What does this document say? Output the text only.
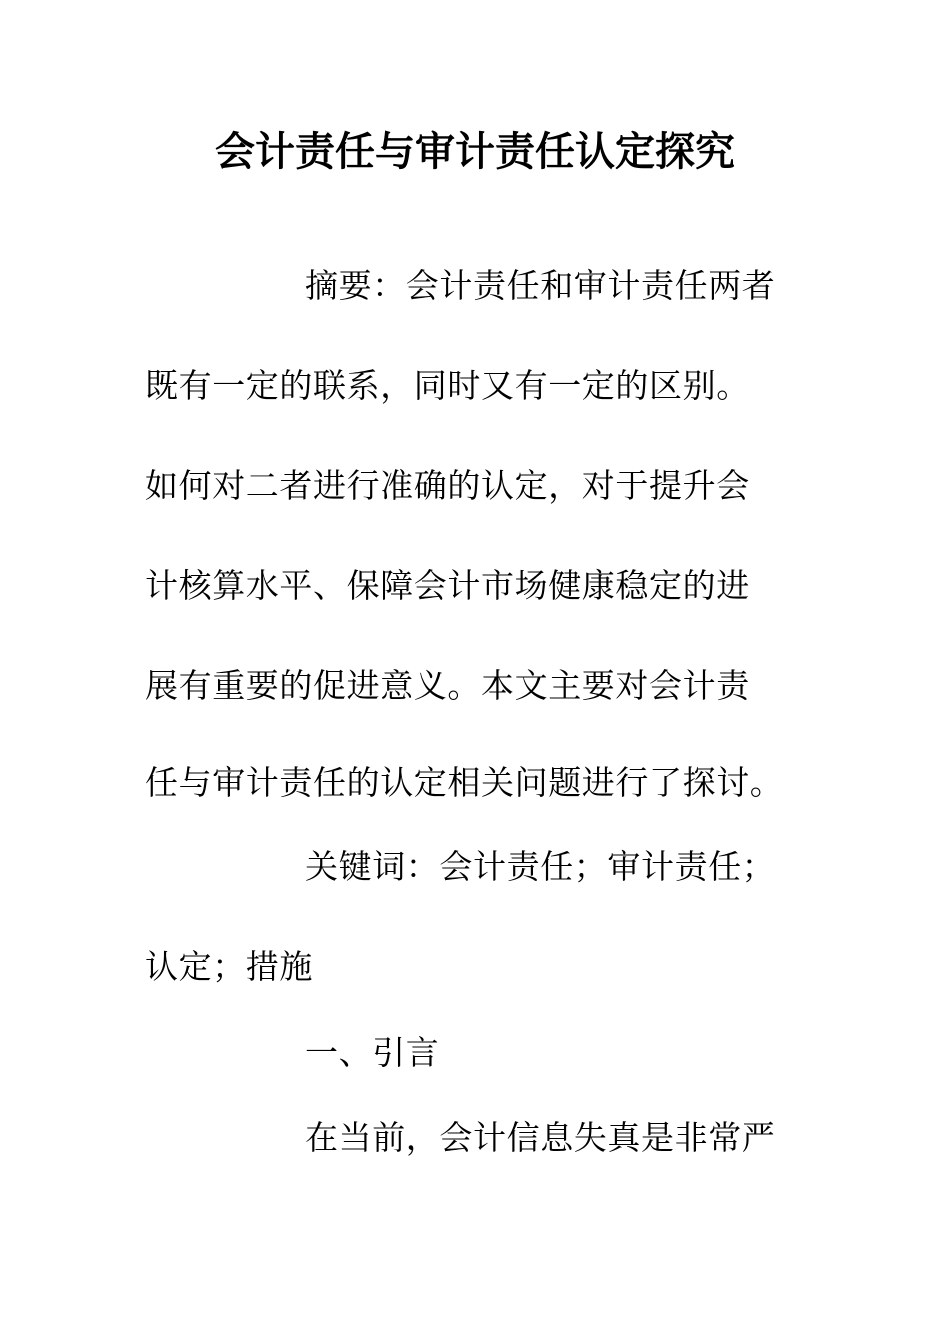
会计责任与审计责任认定探究
摘要：会计责任和审计责任两者
既有一定的联系，同时又有一定的区别。
如何对二者进行准确的认定，对于提升会
计核算水平、保障会计市场健康稳定的进
展有重要的促进意义。本文主要对会计责
任与审计责任的认定相关问题进行了探讨。
关键词：会计责任；审计责任；
认定；措施
一、引言
在当前，会计信息失真是非常严
